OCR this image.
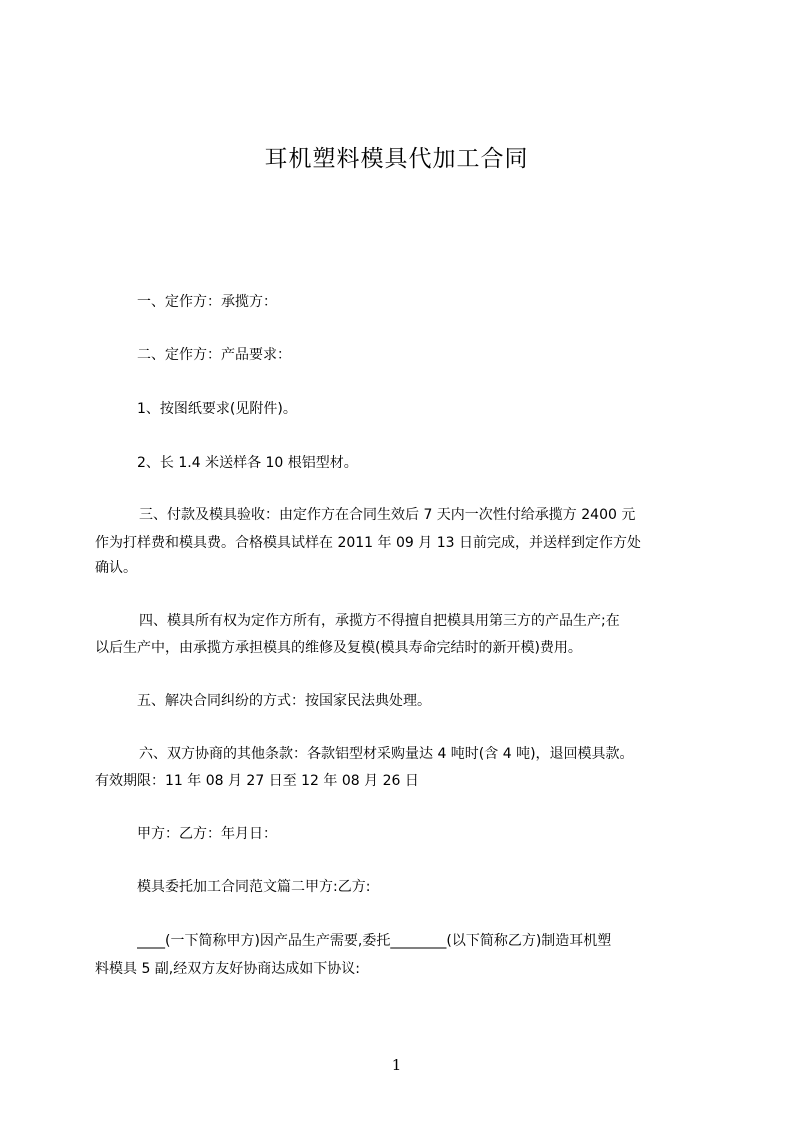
耳机塑料模具代加工合同
一、定作方：承揽方：
二、定作方：产品要求：
1、按图纸要求(见附件)。
2、长 1.4 米送样各 10 根铝型材。
三、付款及模具验收：由定作方在合同生效后 7 天内一次性付给承揽方 2400 元
作为打样费和模具费。合格模具试样在 2011 年 09 月 13 日前完成，并送样到定作方处
确认。
四、模具所有权为定作方所有，承揽方不得擅自把模具用第三方的产品生产;在
以后生产中，由承揽方承担模具的维修及复模(模具寿命完结时的新开模)费用。
五、解决合同纠纷的方式：按国家民法典处理。
六、双方协商的其他条款：各款铝型材采购量达 4 吨时(含 4 吨)，退回模具款。
有效期限：11 年 08 月 27 日至 12 年 08 月 26 日
甲方：乙方：年月日：
模具委托加工合同范文篇二甲方:乙方:
____(一下简称甲方)因产品生产需要,委托________(以下简称乙方)制造耳机塑
料模具 5 副,经双方友好协商达成如下协议:
1
